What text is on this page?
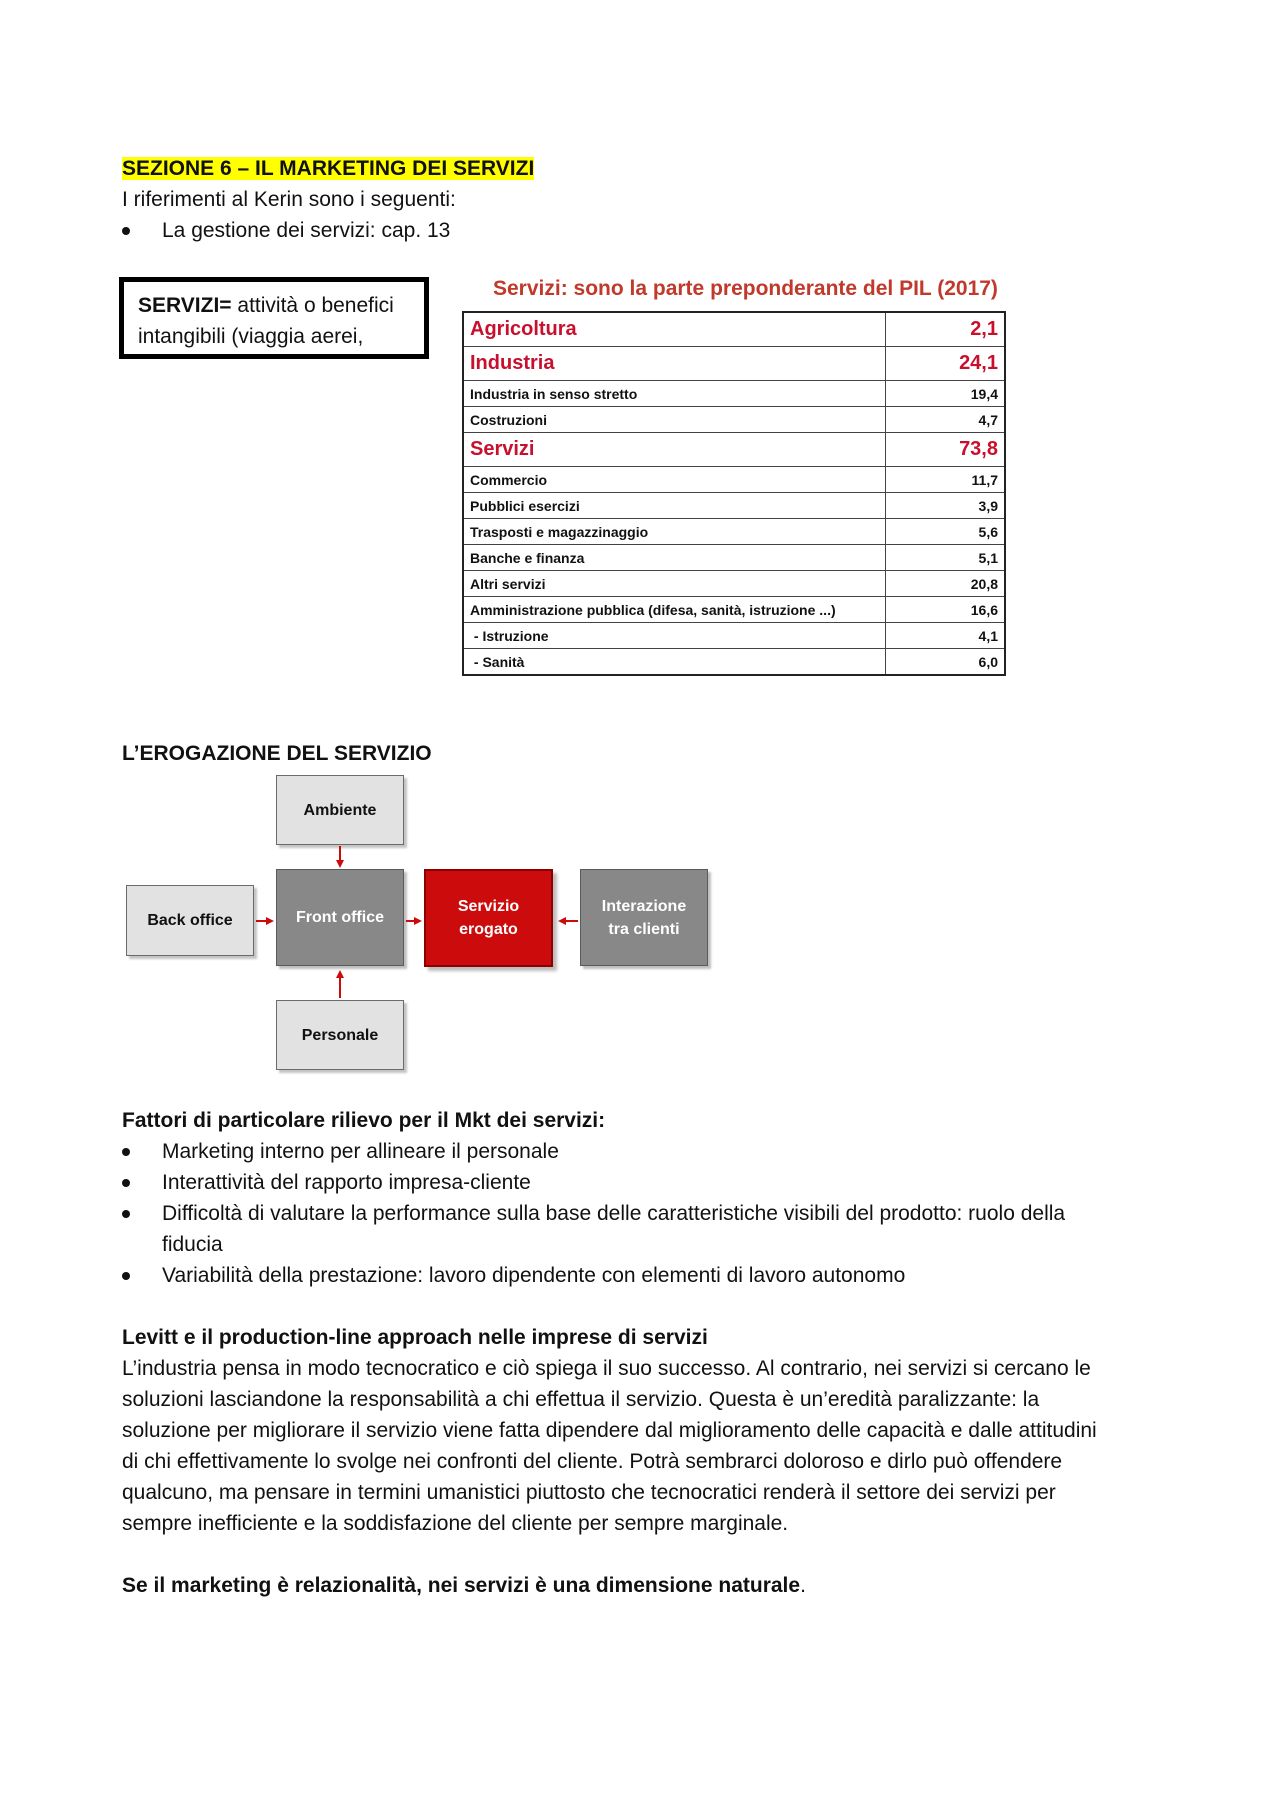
SEZIONE 6 – IL MARKETING DEI SERVIZI
I riferimenti al Kerin sono i seguenti:
La gestione dei servizi: cap. 13
SERVIZI= attività o benefici
intangibili (viaggia aerei,
Servizi: sono la parte preponderante del PIL (2017)
Agricoltura	2,1
Industria	24,1
Industria in senso stretto	19,4
Costruzioni	4,7
Servizi	73,8
Commercio	11,7
Pubblici esercizi	3,9
Trasposti e magazzinaggio	5,6
Banche e finanza	5,1
Altri servizi	20,8
Amministrazione pubblica (difesa, sanità, istruzione ...)	16,6
- Istruzione	4,1
- Sanità	6,0
L’EROGAZIONE DEL SERVIZIO
Ambiente
Back office	Front office
Servizio
erogato
Interazione
tra clienti
Personale
Fattori di particolare rilievo per il Mkt dei servizi:
Marketing interno per allineare il personale
Interattività del rapporto impresa-cliente
Difficoltà di valutare la performance sulla base delle caratteristiche visibili del prodotto: ruolo della
fiducia
Variabilità della prestazione: lavoro dipendente con elementi di lavoro autonomo
Levitt e il production-line approach nelle imprese di servizi
L’industria pensa in modo tecnocratico e ciò spiega il suo successo. Al contrario, nei servizi si cercano le
soluzioni lasciandone la responsabilità a chi effettua il servizio. Questa è un’eredità paralizzante: la
soluzione per migliorare il servizio viene fatta dipendere dal miglioramento delle capacità e dalle attitudini
di chi effettivamente lo svolge nei confronti del cliente. Potrà sembrarci doloroso e dirlo può offendere
qualcuno, ma pensare in termini umanistici piuttosto che tecnocratici renderà il settore dei servizi per
sempre inefficiente e la soddisfazione del cliente per sempre marginale.
Se il marketing è relazionalità, nei servizi è una dimensione naturale.
